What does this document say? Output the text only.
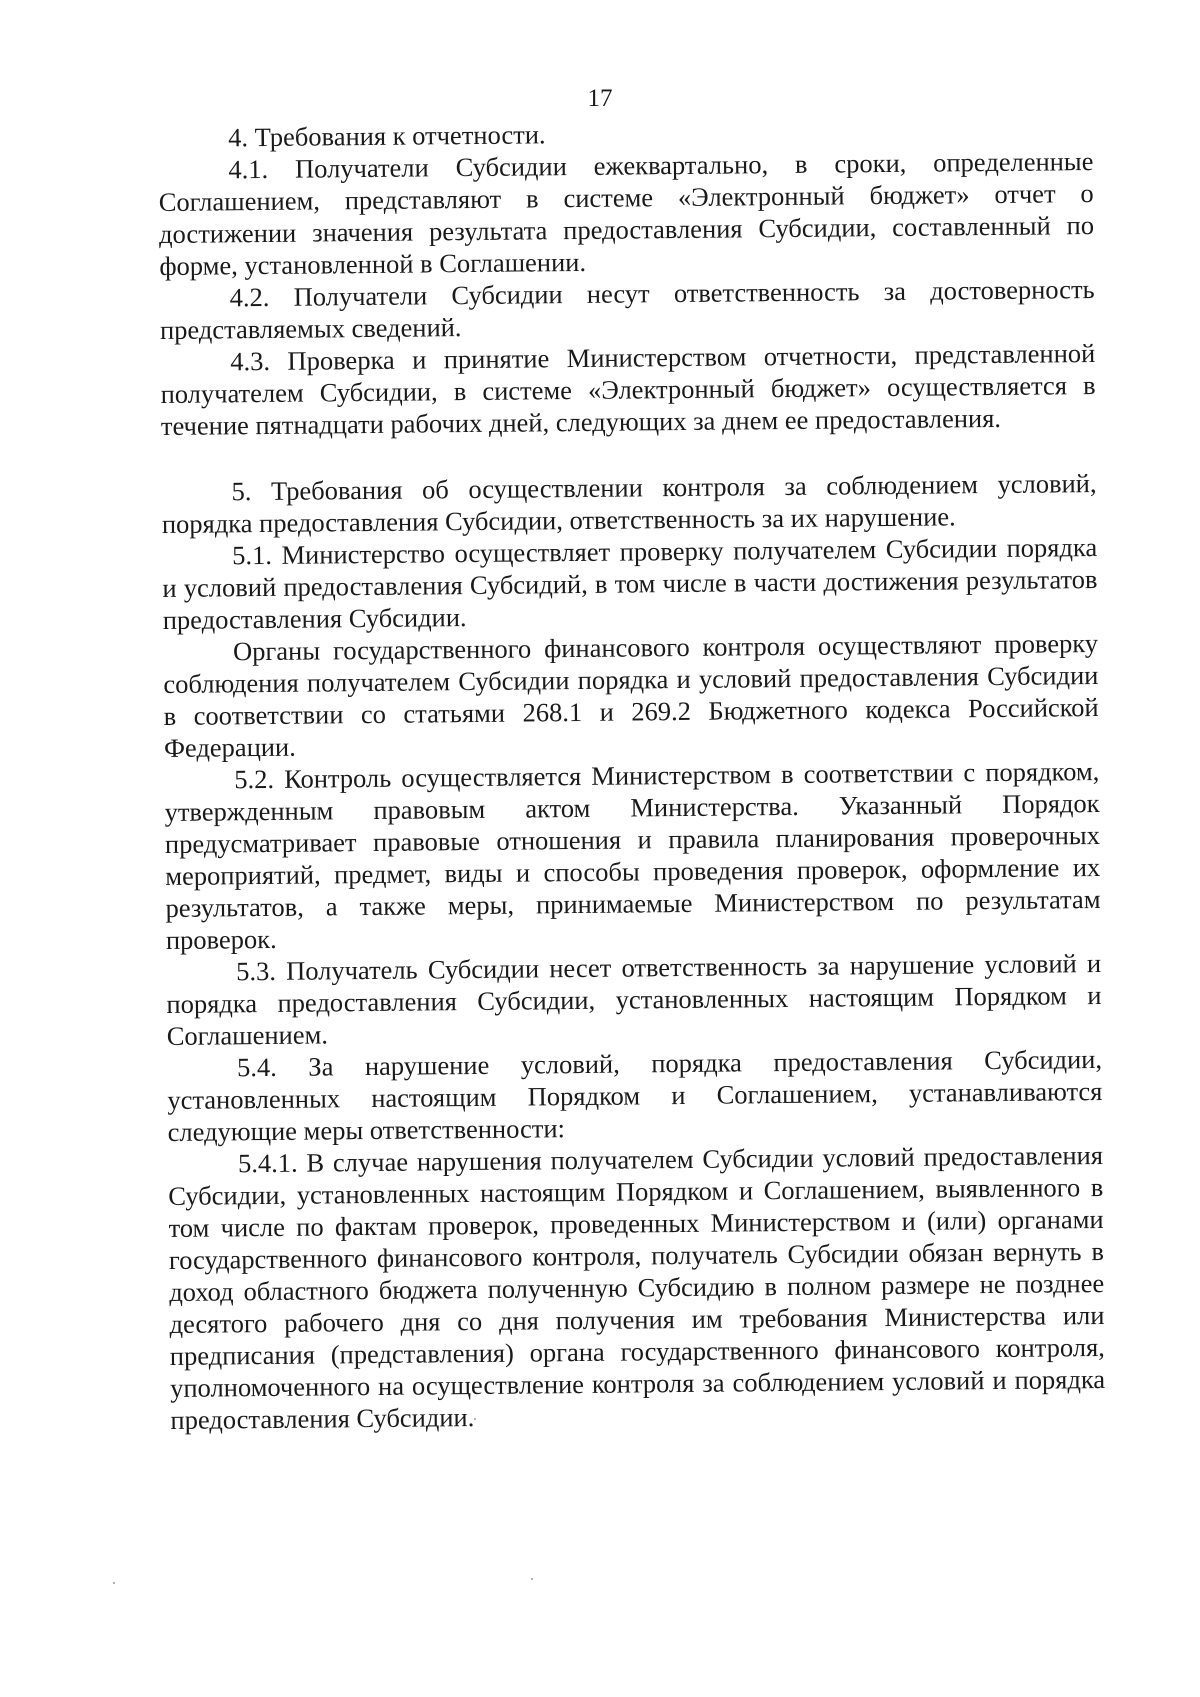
17

4. Требования к отчетности.

4.1. Получатели Субсидии ежеквартально, в сроки, определенные Соглашением, представляют в системе «Электронный бюджет» отчет о достижении значения результата предоставления Субсидии, составленный по форме, установленной в Соглашении.

4.2. Получатели Субсидии несут ответственность за достоверность представляемых сведений.

4.3. Проверка и принятие Министерством отчетности, представленной получателем Субсидии, в системе «Электронный бюджет» осуществляется в течение пятнадцати рабочих дней, следующих за днем ее предоставления.

5. Требования об осуществлении контроля за соблюдением условий, порядка предоставления Субсидии, ответственность за их нарушение.

5.1. Министерство осуществляет проверку получателем Субсидии порядка и условий предоставления Субсидий, в том числе в части достижения результатов предоставления Субсидии.

Органы государственного финансового контроля осуществляют проверку соблюдения получателем Субсидии порядка и условий предоставления Субсидии в соответствии со статьями 268.1 и 269.2 Бюджетного кодекса Российской Федерации.

5.2. Контроль осуществляется Министерством в соответствии с порядком, утвержденным правовым актом Министерства. Указанный Порядок предусматривает правовые отношения и правила планирования проверочных мероприятий, предмет, виды и способы проведения проверок, оформление их результатов, а также меры, принимаемые Министерством по результатам проверок.

5.3. Получатель Субсидии несет ответственность за нарушение условий и порядка предоставления Субсидии, установленных настоящим Порядком и Соглашением.

5.4. За нарушение условий, порядка предоставления Субсидии, установленных настоящим Порядком и Соглашением, устанавливаются следующие меры ответственности:

5.4.1. В случае нарушения получателем Субсидии условий предоставления Субсидии, установленных настоящим Порядком и Соглашением, выявленного в том числе по фактам проверок, проведенных Министерством и (или) органами государственного финансового контроля, получатель Субсидии обязан вернуть в доход областного бюджета полученную Субсидию в полном размере не позднее десятого рабочего дня со дня получения им требования Министерства или предписания (представления) органа государственного финансового контроля, уполномоченного на осуществление контроля за соблюдением условий и порядка предоставления Субсидии.
